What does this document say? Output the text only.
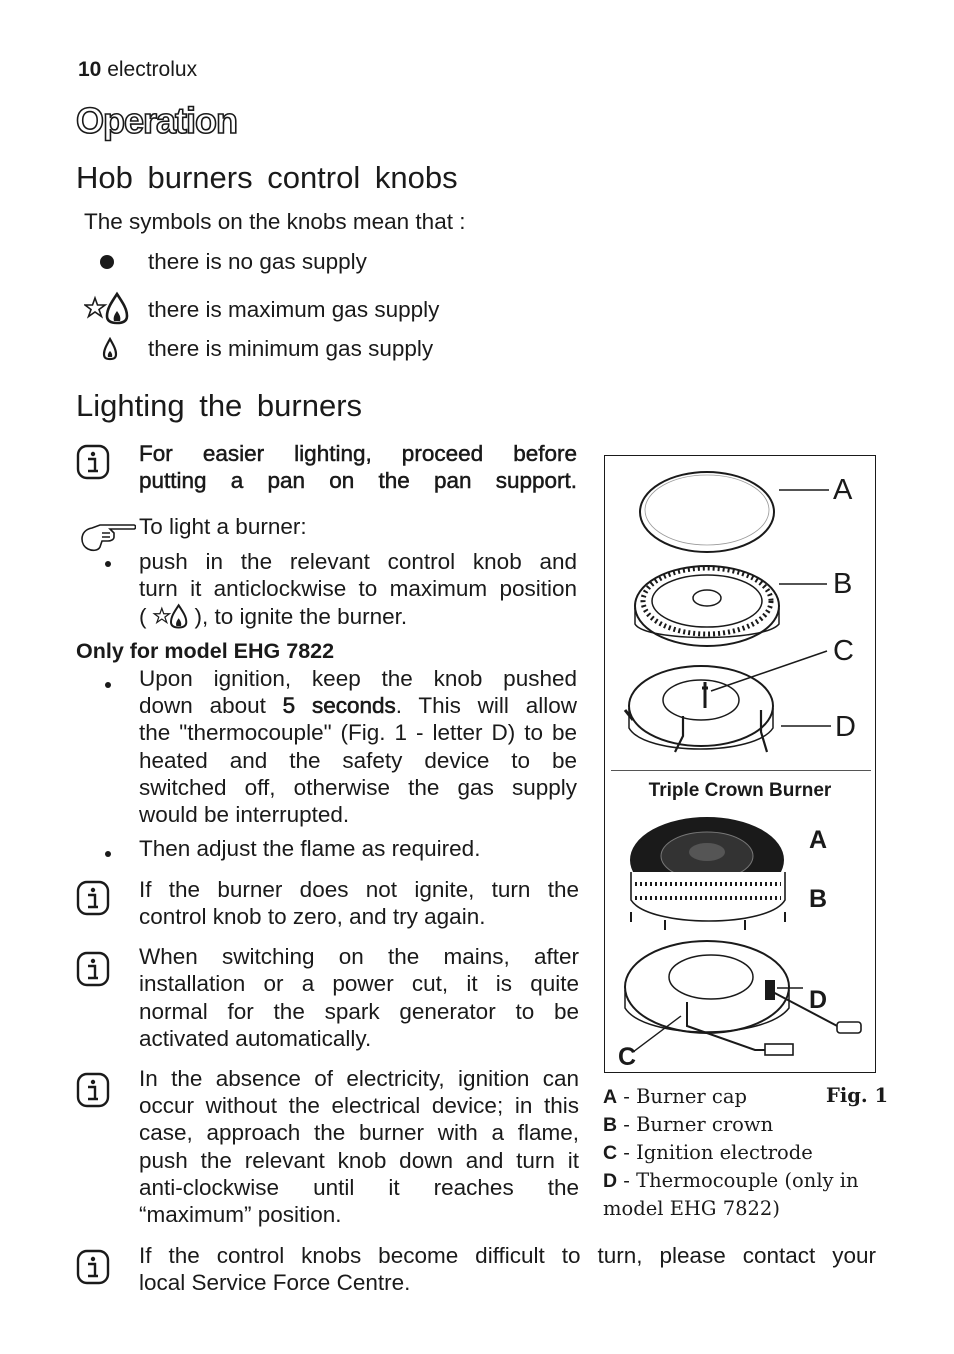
10 electrolux
Operation
Hob burners control knobs
The symbols on the knobs mean that :
there is no gas supply
there is maximum gas supply
there is minimum gas supply
Lighting the burners
For easier lighting, proceed before
putting a pan on the pan support.
To light a burner:
push in the relevant control knob and
turn it anticlockwise to maximum position
( ), to ignite the burner.
Only for model EHG 7822
Upon ignition, keep the knob pushed
down about 5 seconds. This will allow
the "thermocouple" (Fig. 1 - letter D) to be
heated and the safety device to be
switched off, otherwise the gas supply
would be interrupted.
Then adjust the flame as required.
If the burner does not ignite, turn the
control knob to zero, and try again.
When switching on the mains, after
installation or a power cut, it is quite
normal for the spark generator to be
activated automatically.
In the absence of electricity, ignition can
occur without the electrical device; in this
case, approach the burner with a flame,
push the relevant knob down and turn it
anti-clockwise until it reaches the
“maximum” position.
If the control knobs become difficult to turn, please contact your
local Service Force Centre.
A
B
C
D
Triple Crown Burner
A
B
D
C
Fig. 1
A - Burner cap
B - Burner crown
C - Ignition electrode
D - Thermocouple (only in
model EHG 7822)
